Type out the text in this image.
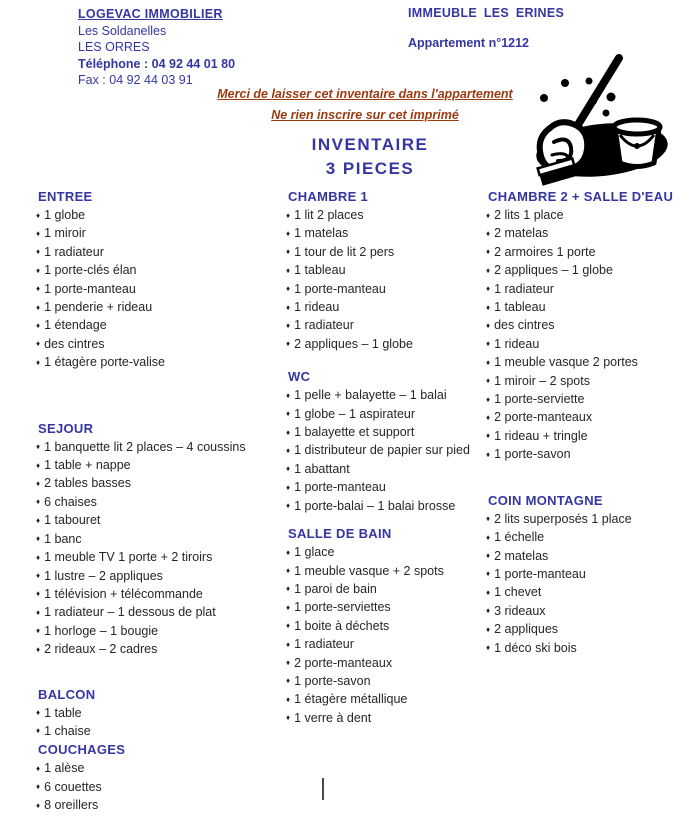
LOGEVAC IMMOBILIER
Les Soldanelles
LES ORRES
Téléphone : 04 92 44 01 80
Fax : 04 92 44 03 91
IMMEUBLE LES ERINES
Appartement n°1212
Merci de laisser cet inventaire dans l'appartement
Ne rien inscrire sur cet imprimé
INVENTAIRE
3 PIECES
ENTREE
♦ 1 globe
♦ 1 miroir
♦ 1 radiateur
♦ 1 porte-clés élan
♦ 1 porte-manteau
♦ 1 penderie + rideau
♦ 1 étendage
♦ des cintres
♦ 1 étagère porte-valise
SEJOUR
♦ 1 banquette lit 2 places – 4 coussins
♦ 1 table + nappe
♦ 2 tables basses
♦ 6 chaises
♦ 1 tabouret
♦ 1 banc
♦ 1 meuble TV 1 porte + 2 tiroirs
♦ 1 lustre – 2 appliques
♦ 1 télévision + télécommande
♦ 1 radiateur – 1 dessous de plat
♦ 1 horloge – 1 bougie
♦ 2 rideaux – 2 cadres
BALCON
♦ 1 table
♦ 1 chaise
COUCHAGES
♦ 1 alèse
♦ 6 couettes
♦ 8 oreillers
CHAMBRE 1
♦ 1 lit 2 places
♦ 1 matelas
♦ 1 tour de lit 2 pers
♦ 1 tableau
♦ 1 porte-manteau
♦ 1 rideau
♦ 1 radiateur
♦ 2 appliques – 1 globe
WC
♦ 1 pelle + balayette – 1 balai
♦ 1 globe – 1 aspirateur
♦ 1 balayette et support
♦ 1 distributeur de papier sur pied
♦ 1 abattant
♦ 1 porte-manteau
♦ 1 porte-balai – 1 balai brosse
SALLE DE BAIN
♦ 1 glace
♦ 1 meuble vasque + 2 spots
♦ 1 paroi de bain
♦ 1 porte-serviettes
♦ 1 boite à déchets
♦ 1 radiateur
♦ 2 porte-manteaux
♦ 1 porte-savon
♦ 1 étagère métallique
♦ 1 verre à dent
CHAMBRE 2 + SALLE D'EAU
♦ 2 lits 1 place
♦ 2 matelas
♦ 2 armoires 1 porte
♦ 2 appliques – 1 globe
♦ 1 radiateur
♦ 1 tableau
♦ des cintres
♦ 1 rideau
♦ 1 meuble vasque 2 portes
♦ 1 miroir – 2 spots
♦ 1 porte-serviette
♦ 2 porte-manteaux
♦ 1 rideau + tringle
♦ 1 porte-savon
COIN MONTAGNE
♦ 2 lits superposés 1 place
♦ 1 échelle
♦ 2 matelas
♦ 1 porte-manteau
♦ 1 chevet
♦ 3 rideaux
♦ 2 appliques
♦ 1 déco ski bois
